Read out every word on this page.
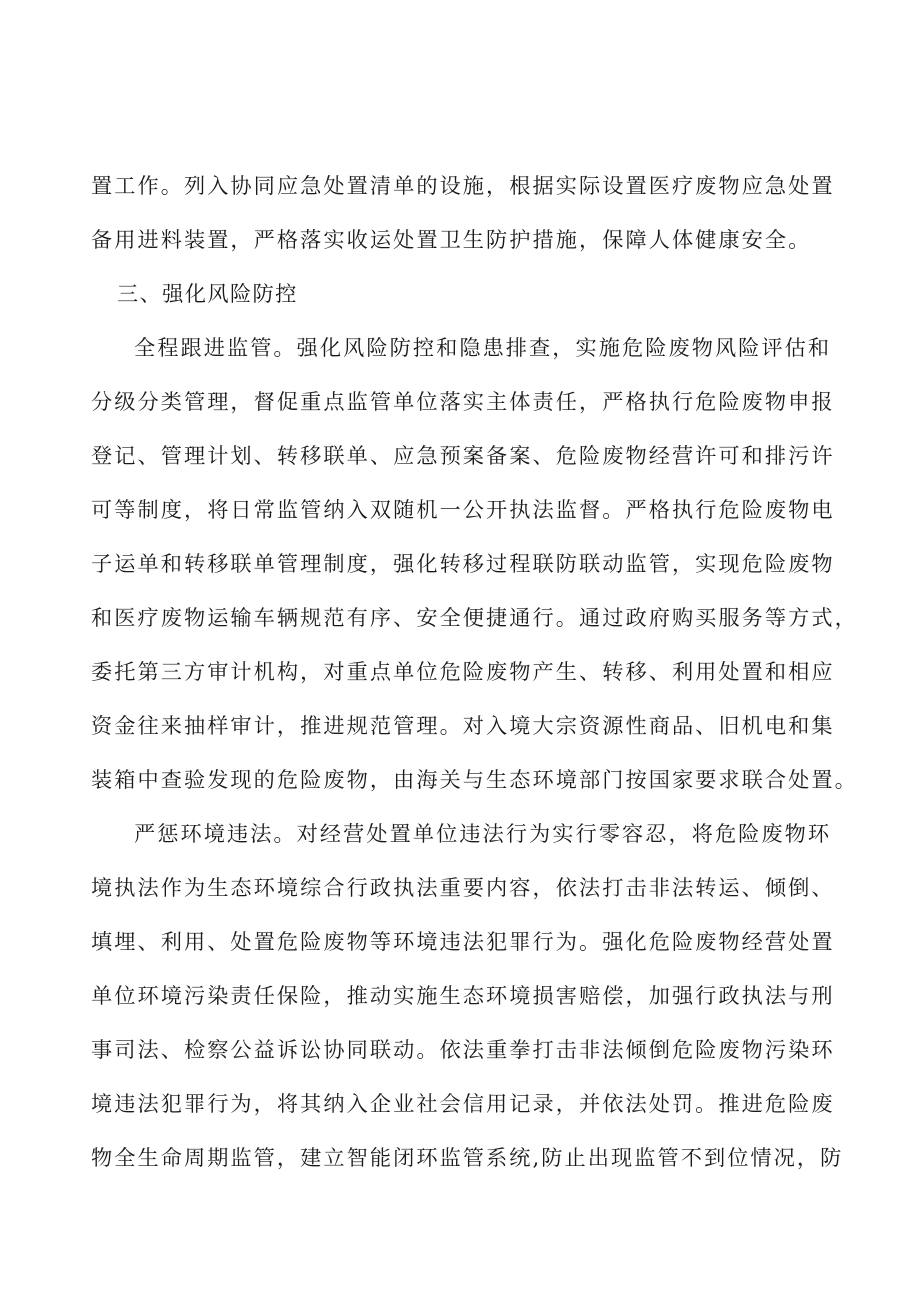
置工作。列入协同应急处置清单的设施，根据实际设置医疗废物应急处置
备用进料装置，严格落实收运处置卫生防护措施，保障人体健康安全。
三、强化风险防控
全程跟进监管。强化风险防控和隐患排查，实施危险废物风险评估和
分级分类管理，督促重点监管单位落实主体责任，严格执行危险废物申报
登记、管理计划、转移联单、应急预案备案、危险废物经营许可和排污许
可等制度，将日常监管纳入双随机一公开执法监督。严格执行危险废物电
子运单和转移联单管理制度，强化转移过程联防联动监管，实现危险废物
和医疗废物运输车辆规范有序、安全便捷通行。通过政府购买服务等方式，
委托第三方审计机构，对重点单位危险废物产生、转移、利用处置和相应
资金往来抽样审计，推进规范管理。对入境大宗资源性商品、旧机电和集
装箱中查验发现的危险废物，由海关与生态环境部门按国家要求联合处置。
严惩环境违法。对经营处置单位违法行为实行零容忍，将危险废物环
境执法作为生态环境综合行政执法重要内容，依法打击非法转运、倾倒、
填埋、利用、处置危险废物等环境违法犯罪行为。强化危险废物经营处置
单位环境污染责任保险，推动实施生态环境损害赔偿，加强行政执法与刑
事司法、检察公益诉讼协同联动。依法重拳打击非法倾倒危险废物污染环
境违法犯罪行为，将其纳入企业社会信用记录，并依法处罚。推进危险废
物全生命周期监管，建立智能闭环监管系统,防止出现监管不到位情况，防
